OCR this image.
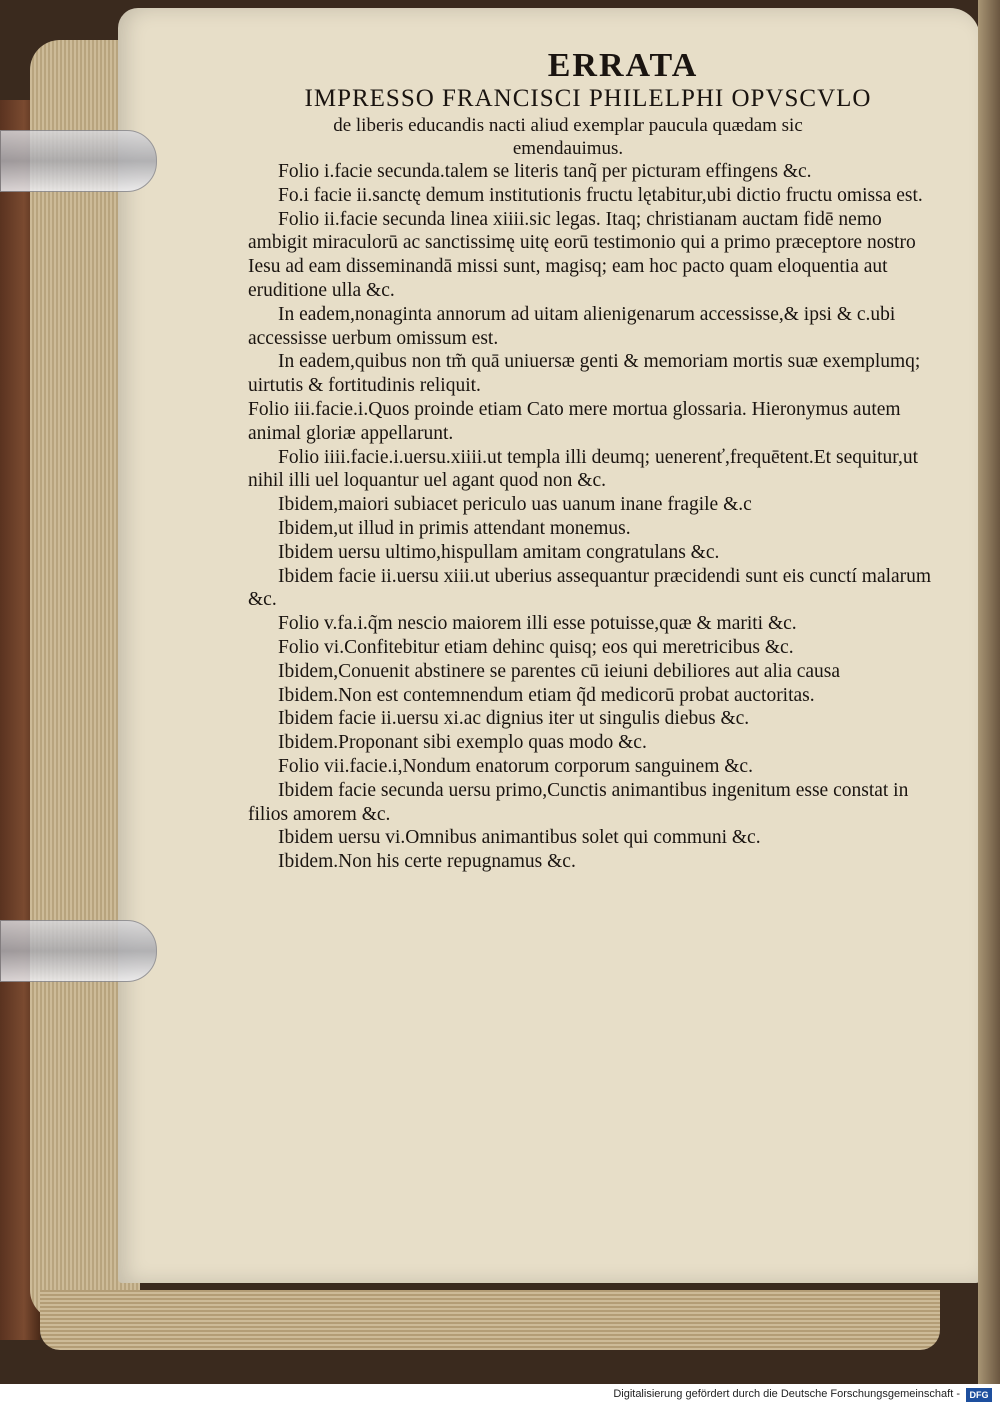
ERRATA
IMPRESSO FRANCISCI PHILELPHI OPVSCVLO
de liberis educandis nacti aliud exemplar paucula quædam sic emendauimus.

Folio i.facie secunda.talem se literis tanq̃ per picturam effingens &c.

Fo.i facie ii.sanctę demum institutionis fructu lętabitur,ubi dictio fructu omissa est.

Folio ii.facie secunda linea xiiii.sic legas. Itaq; christianam auctam fidē nemo ambigit miraculorū ac sanctissimę uitę eorū testimonio qui a primo præceptore nostro Iesu ad eam disseminandā missi sunt, magisq; eam hoc pacto quam eloquentia aut eruditione ulla &c.

In eadem,nonaginta annorum ad uitam alienigenarum accessisse,& ipsi & c.ubi accessisse uerbum omissum est.

In eadem,quibus non tm̃ quā uniuersæ genti & memoriam mortis suæ exemplumq; uirtutis & fortitudinis reliquit.

Folio iii.facie.i.Quos proinde etiam Cato mere mortua glossaria. Hieronymus autem animal gloriæ appellarunt.

Folio iiii.facie.i.uersu.xiiii.ut templa illi deumq; uenerenť,frequētent.Et sequitur,ut nihil illi uel loquantur uel agant quod non &c.

Ibidem,maiori subiacet periculo uas uanum inane fragile &.c

Ibidem,ut illud in primis attendant monemus.

Ibidem uersu ultimo,hispullam amitam congratulans &c.

Ibidem facie ii.uersu xiii.ut uberius assequantur præcidendi sunt eis cunctí malarum &c.

Folio v.fa.i.q̃m nescio maiorem illi esse potuisse,quæ & mariti &c.

Folio vi.Confitebitur etiam dehinc quisq; eos qui meretricibus &c.

Ibidem,Conuenit abstinere se parentes cū ieiuni debiliores aut alia causa

Ibidem.Non est contemnendum etiam q̃d medicorū probat auctoritas.

Ibidem facie ii.uersu xi.ac dignius iter ut singulis diebus &c.

Ibidem.Proponant sibi exemplo quas modo &c.

Folio vii.facie.i,Nondum enatorum corporum sanguinem &c.

Ibidem facie secunda uersu primo,Cunctis animantibus ingenitum esse constat in filios amorem &c.

Ibidem uersu vi.Omnibus animantibus solet qui communi &c.

Ibidem.Non his certe repugnamus &c.

Digitalisierung gefördert durch die Deutsche Forschungsgemeinschaft -	DFG
